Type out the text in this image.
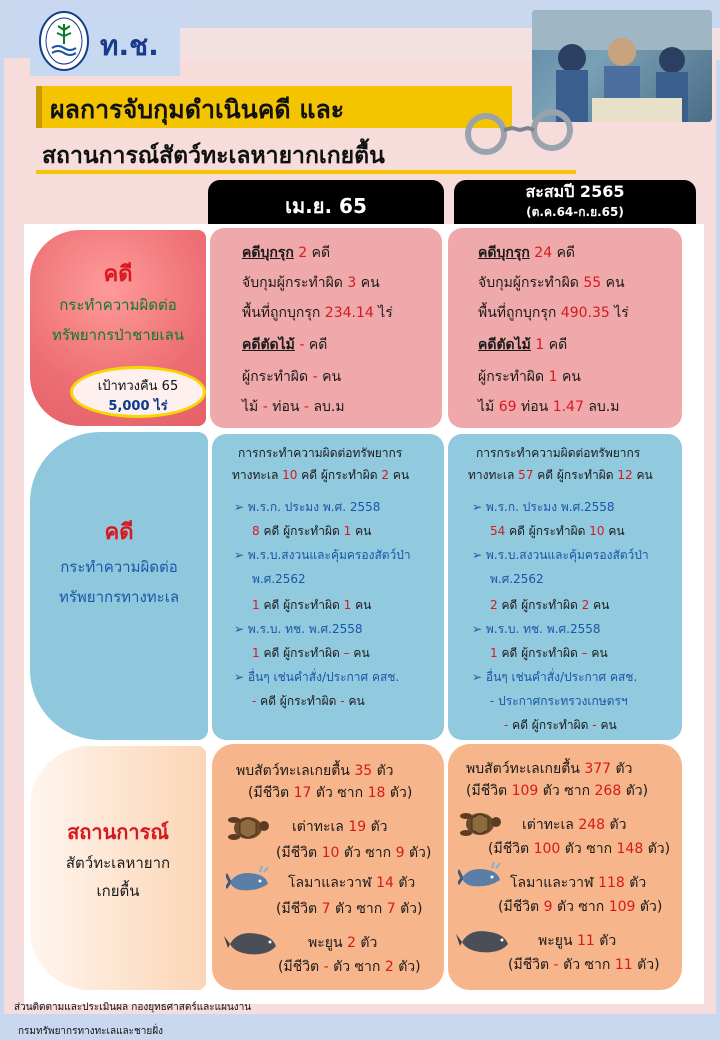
ท.ช.
ผลการจับกุมดำเนินคดี และ
สถานการณ์สัตว์ทะเลหายากเกยตื้น
เม.ย. 65
สะสมปี 2565
(ต.ค.64-ก.ย.65)
คดี
กระทำความผิดต่อ
ทรัพยากรป่าชายเลน
เป้าทวงคืน 65
5,000 ไร่
คดี
กระทำความผิดต่อ
ทรัพยากรทางทะเล
สถานการณ์
สัตว์ทะเลหายาก
เกยตื้น
คดีบุกรุก 2 คดี
จับกุมผู้กระทำผิด 3 คน
พื้นที่ถูกบุกรุก 234.14 ไร่
คดีตัดไม้ - คดี
ผู้กระทำผิด - คน
ไม้ - ท่อน - ลบ.ม
คดีบุกรุก 24 คดี
จับกุมผู้กระทำผิด 55 คน
พื้นที่ถูกบุกรุก 490.35 ไร่
คดีตัดไม้ 1 คดี
ผู้กระทำผิด 1 คน
ไม้ 69 ท่อน 1.47 ลบ.ม
การกระทำความผิดต่อทรัพยากร
ทางทะเล 10 คดี ผู้กระทำผิด 2 คน
➢ พ.ร.ก. ประมง พ.ศ. 2558
8 คดี ผู้กระทำผิด 1 คน
➢ พ.ร.บ.สงวนและคุ้มครองสัตว์ป่า
พ.ศ.2562
1 คดี ผู้กระทำผิด 1 คน
➢ พ.ร.บ. ทช. พ.ศ.2558
1 คดี ผู้กระทำผิด – คน
➢ อื่นๆ เช่นคำสั่ง/ประกาศ คสช.
- คดี ผู้กระทำผิด - คน
การกระทำความผิดต่อทรัพยากร
ทางทะเล 57 คดี ผู้กระทำผิด 12 คน
➢ พ.ร.ก. ประมง พ.ศ.2558
54 คดี ผู้กระทำผิด 10 คน
➢ พ.ร.บ.สงวนและคุ้มครองสัตว์ป่า
พ.ศ.2562
2 คดี ผู้กระทำผิด 2 คน
➢ พ.ร.บ. ทช. พ.ศ.2558
1 คดี ผู้กระทำผิด – คน
➢ อื่นๆ เช่นคำสั่ง/ประกาศ คสช.
- ประกาศกระทรวงเกษตรฯ
- คดี ผู้กระทำผิด - คน
พบสัตว์ทะเลเกยตื้น 35 ตัว
(มีชีวิต 17 ตัว ซาก 18 ตัว)
เต่าทะเล 19 ตัว
(มีชีวิต 10 ตัว ซาก 9 ตัว)
โลมาและวาฬ 14 ตัว
(มีชีวิต 7 ตัว ซาก 7 ตัว)
พะยูน 2 ตัว
(มีชีวิต - ตัว ซาก 2 ตัว)
พบสัตว์ทะเลเกยตื้น 377 ตัว
(มีชีวิต 109 ตัว ซาก 268 ตัว)
เต่าทะเล 248 ตัว
(มีชีวิต 100 ตัว ซาก 148 ตัว)
โลมาและวาฬ 118 ตัว
(มีชีวิต 9 ตัว ซาก 109 ตัว)
พะยูน 11 ตัว
(มีชีวิต - ตัว ซาก 11 ตัว)
ส่วนติดตามและประเมินผล กองยุทธศาสตร์และแผนงาน
กรมทรัพยากรทางทะเลและชายฝั่ง
